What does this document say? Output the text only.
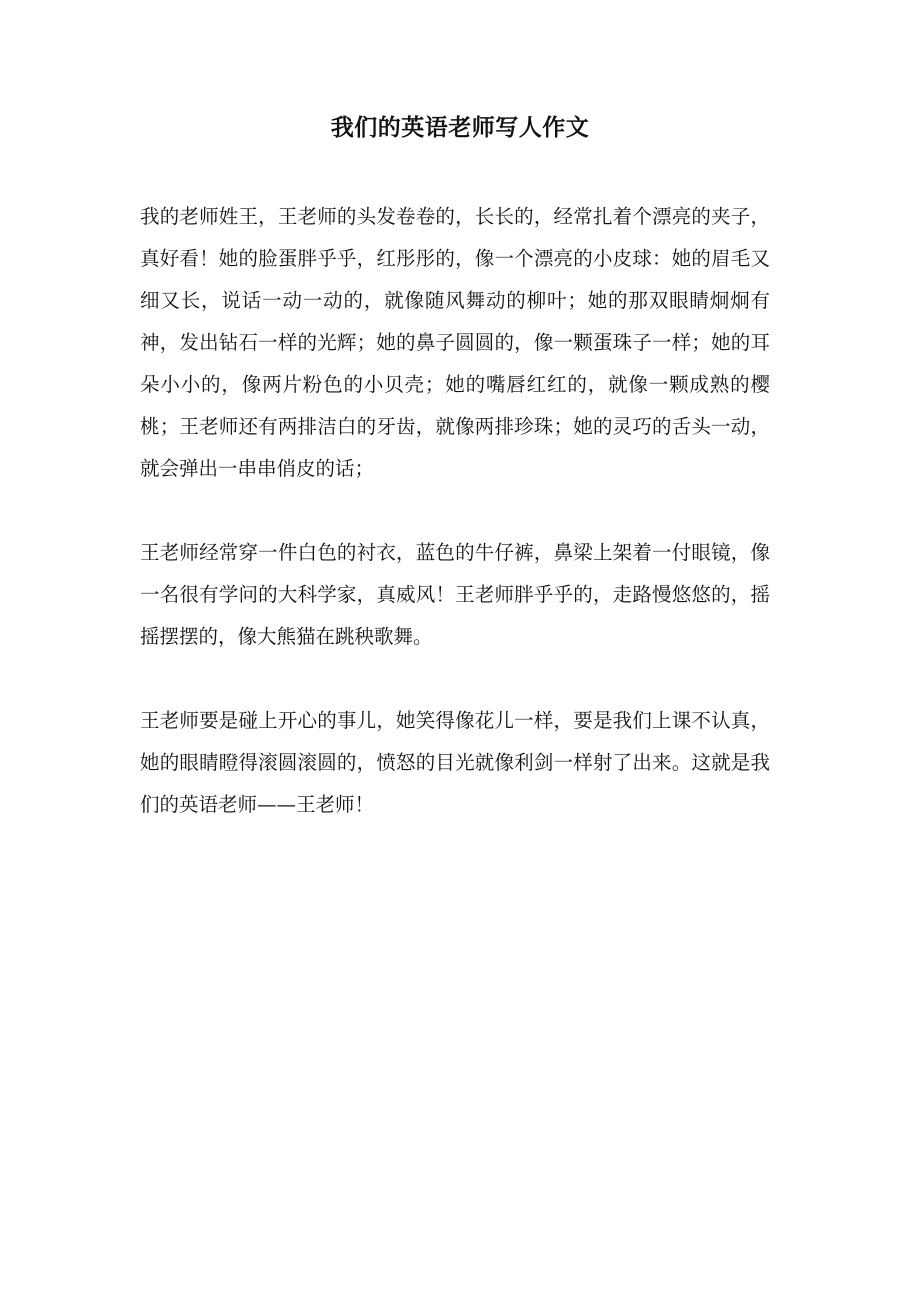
我们的英语老师写人作文

我的老师姓王，王老师的头发卷卷的，长长的，经常扎着个漂亮的夹子，真好看！她的脸蛋胖乎乎，红彤彤的，像一个漂亮的小皮球：她的眉毛又细又长，说话一动一动的，就像随风舞动的柳叶；她的那双眼睛炯炯有神，发出钻石一样的光辉；她的鼻子圆圆的，像一颗蛋珠子一样；她的耳朵小小的，像两片粉色的小贝壳；她的嘴唇红红的，就像一颗成熟的樱桃；王老师还有两排洁白的牙齿，就像两排珍珠；她的灵巧的舌头一动，就会弹出一串串俏皮的话；

王老师经常穿一件白色的衬衣，蓝色的牛仔裤，鼻梁上架着一付眼镜，像一名很有学问的大科学家，真威风！王老师胖乎乎的，走路慢悠悠的，摇摇摆摆的，像大熊猫在跳秧歌舞。

王老师要是碰上开心的事儿，她笑得像花儿一样，要是我们上课不认真，她的眼睛瞪得滚圆滚圆的，愤怒的目光就像利剑一样射了出来。这就是我们的英语老师——王老师！
